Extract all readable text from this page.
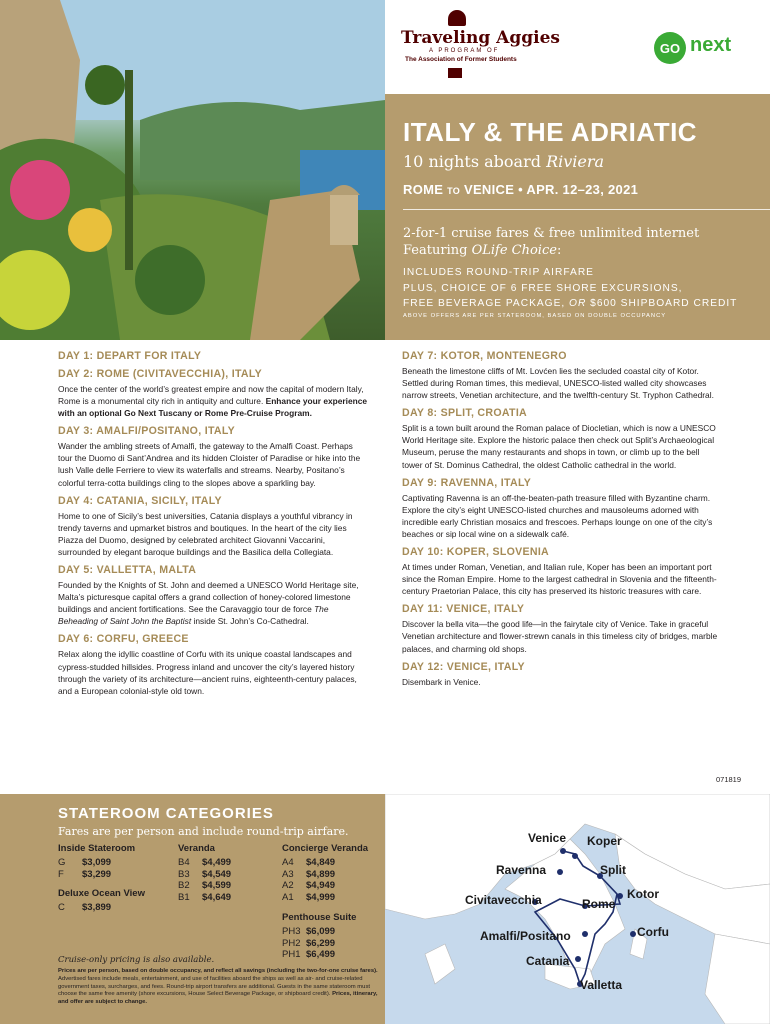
Traveling Aggies
A PROGRAM OF
The Association of Former Students
GO next
ITALY & THE ADRIATIC
10 nights aboard Riviera
ROME TO VENICE • APR. 12–23, 2021
2-for-1 cruise fares & free unlimited internet
Featuring OLife Choice:
INCLUDES ROUND-TRIP AIRFARE
PLUS, CHOICE OF 6 FREE SHORE EXCURSIONS,
FREE BEVERAGE PACKAGE, OR $600 SHIPBOARD CREDIT
ABOVE OFFERS ARE PER STATEROOM, BASED ON DOUBLE OCCUPANCY
DAY 1: DEPART FOR ITALY
DAY 2: ROME (CIVITAVECCHIA), ITALY
Once the center of the world’s greatest empire and now the capital of modern Italy, Rome is a monumental city rich in antiquity and culture. Enhance your experience with an optional Go Next Tuscany or Rome Pre-Cruise Program.
DAY 3: AMALFI/POSITANO, ITALY
Wander the ambling streets of Amalfi, the gateway to the Amalfi Coast. Perhaps tour the Duomo di Sant’Andrea and its hidden Cloister of Paradise or hike into the lush Valle delle Ferriere to view its waterfalls and streams. Nearby, Positano’s colorful terra-cotta buildings cling to the slopes above a sparkling bay.
DAY 4: CATANIA, SICILY, ITALY
Home to one of Sicily’s best universities, Catania displays a youthful vibrancy in trendy taverns and upmarket bistros and boutiques. In the heart of the city lies Piazza del Duomo, designed by celebrated architect Giovanni Vaccarini, surrounded by elegant baroque buildings and the Basilica della Collegiata.
DAY 5: VALLETTA, MALTA
Founded by the Knights of St. John and deemed a UNESCO World Heritage site, Malta’s picturesque capital offers a grand collection of honey-colored limestone buildings and ancient fortifications. See the Caravaggio tour de force The Beheading of Saint John the Baptist inside St. John’s Co-Cathedral.
DAY 6: CORFU, GREECE
Relax along the idyllic coastline of Corfu with its unique coastal landscapes and cypress-studded hillsides. Progress inland and uncover the city’s layered history through the variety of its architecture—ancient ruins, eighteenth-century palaces, and a European colonial-style old town.
DAY 7: KOTOR, MONTENEGRO
Beneath the limestone cliffs of Mt. Lovćen lies the secluded coastal city of Kotor. Settled during Roman times, this medieval, UNESCO-listed walled city showcases narrow streets, Venetian architecture, and the twelfth-century St. Tryphon Cathedral.
DAY 8: SPLIT, CROATIA
Split is a town built around the Roman palace of Diocletian, which is now a UNESCO World Heritage site. Explore the historic palace then check out Split’s Archaeological Museum, peruse the many restaurants and shops in town, or climb up to the bell tower of St. Dominus Cathedral, the oldest Catholic cathedral in the world.
DAY 9: RAVENNA, ITALY
Captivating Ravenna is an off-the-beaten-path treasure filled with Byzantine charm. Explore the city’s eight UNESCO-listed churches and mausoleums adorned with incredible early Christian mosaics and frescoes. Perhaps lounge on one of the city’s beaches or sip local wine on a sidewalk café.
DAY 10: KOPER, SLOVENIA
At times under Roman, Venetian, and Italian rule, Koper has been an important port since the Roman Empire. Home to the largest cathedral in Slovenia and the fifteenth-century Praetorian Palace, this city has preserved its historic treasures with care.
DAY 11: VENICE, ITALY
Discover la bella vita—the good life—in the fairytale city of Venice. Take in graceful Venetian architecture and flower-strewn canals in this timeless city of bridges, marble palaces, and charming old shops.
DAY 12: VENICE, ITALY
Disembark in Venice.
071819
STATEROOM CATEGORIES
Fares are per person and include round-trip airfare.
Inside Stateroom
G	$3,099
F	$3,299
Deluxe Ocean View
C	$3,899
Veranda
B4	$4,499
B3	$4,549
B2	$4,599
B1	$4,649
Concierge Veranda
A4	$4,849
A3	$4,899
A2	$4,949
A1	$4,999
Penthouse Suite
PH3 $6,099
PH2 $6,299
PH1 $6,499
Cruise-only pricing is also available.
Prices are per person, based on double occupancy, and reflect all savings (including the two-for-one cruise fares). Advertised fares include meals, entertainment, and use of facilities aboard the ships as well as air- and cruise-related government taxes, surcharges, and fees. Round-trip airport transfers are additional. Guests in the same stateroom must choose the same free amenity (shore excursions, House Select Beverage Package, or shipboard credit). Prices, itinerary, and offer are subject to change.
Venice Koper
Ravenna	Split
Civitavecchia	Rome
Kotor
Amalfi/Positano	Corfu
Catania
Valletta
